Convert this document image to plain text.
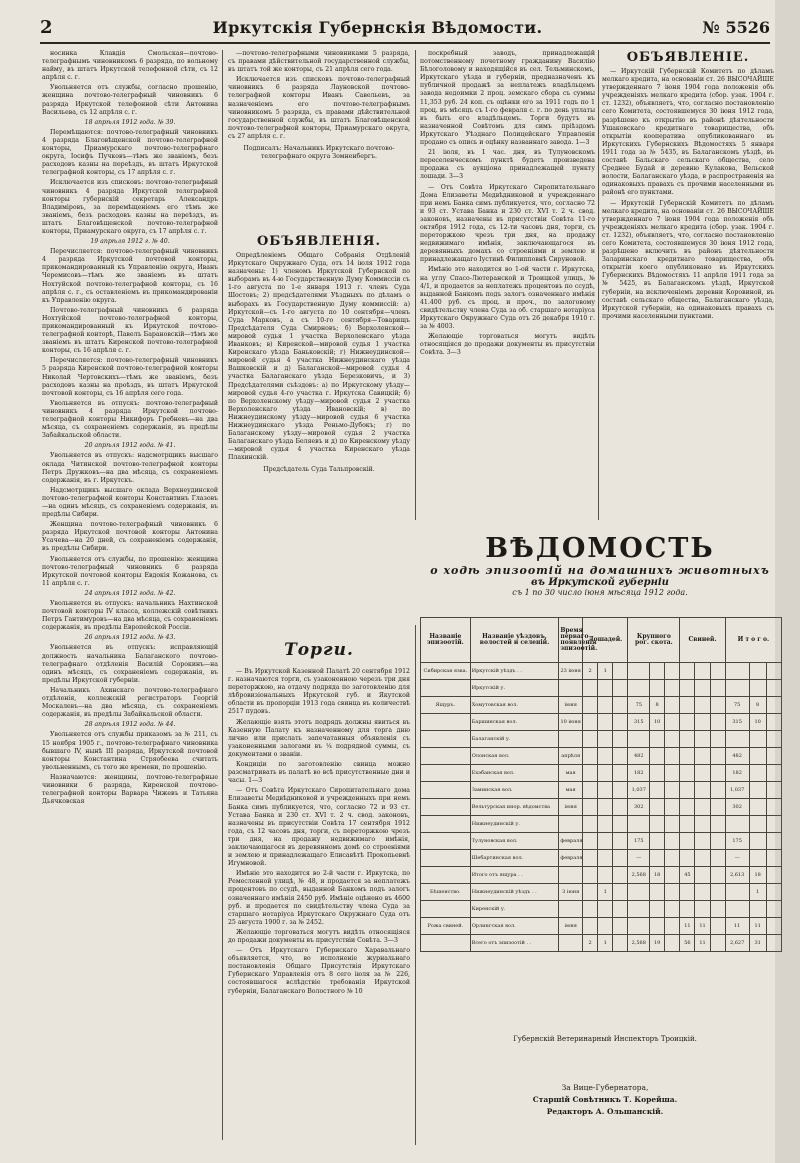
2	Иркутскія Губернскія Вѣдомости.	№ 5526

носинка Клавдія Смольская—почтово-телеграфнымъ чиновникомъ 6 разряда, по вольному найму, въ штатъ Иркутской телефонной сѣти, съ 12 апрѣля с. г.

Увольняется отъ службы, согласно прошенію, женщина почтово-телеграфный чиновникъ 6 разряда Иркутской телефонной сѣти Антонина Васильева, съ 12 апрѣля с. г.

18 апрѣля 1912 года. № 39.

Перемѣщаются: почтово-телеграфный чиновникъ 4 разряда Благовѣщенской почтово-телеграфной конторы, Приамурскаго почтово-телеграфнаго округа, Іосифъ Пучковъ—тѣмъ же званіемъ, безъ расходовъ казны на переѣздъ, въ штатъ Иркутской телеграфной конторы, съ 17 апрѣля с. г.

Исключается изъ списковъ: почтово-телеграфный чиновникъ 4 разряда Иркутской телеграфной конторы губернскій секретарь Александръ Владиміровъ, за перемѣщеніемъ его тѣмъ же званіемъ, безъ расходовъ казны на переѣздъ, въ штатъ Благовѣщенской почтово-телеграфной конторы, Приамурскаго округа, съ 17 апрѣля с. г.

19 апрѣля 1912 г. № 40.

Перечисляется: почтово-телеграфный чиновникъ 4 разряда Иркутской почтовой конторы, прикомандированный къ Управленію округа, Иванъ Черемисовъ—тѣмъ же званіемъ въ штатъ Нохтуйской почтово-телеграфной конторы, съ 16 апрѣля с. г., съ оставленіемъ въ прикомандированіи къ Управленію округа.

Почтово-телеграфный чиновникъ 6 разряда Нохтуйской почтово-телеграфной конторы, прикомандированный къ Иркутской почтово-телеграфной конторѣ, Павелъ Барановскій—тѣмъ же званіемъ въ штатъ Киренской почтово-телеграфной конторы, съ 16 апрѣля с. г.

Перечисляется: почтово-телеграфный чиновникъ 5 разряда Киренской почтово-телеграфной конторы Николай Чертовскихъ—тѣмъ же званіемъ, безъ расходовъ казны на проѣздъ, въ штатъ Иркутской почтовой конторы, съ 16 апрѣля сего года.

Увольняется въ отпускъ: почтово-телеграфный чиновникъ 4 разряда Иркутской почтово-телеграфной конторы Никифоръ Гребневъ—на два мѣсяца, съ сохраненіемъ содержанія, въ предѣлы Забайкальской области.

20 апрѣля 1912 года. № 41.

Увольняется въ отпускъ: надсмотрщикъ высшаго оклада Читинской почтово-телеграфной конторы Петръ Дружковъ—на два мѣсяца, съ сохраненіемъ содержанія, въ г. Иркутскъ.

Надсмотрщикъ высшаго оклада Верхнеудинской почтово-телеграфной конторы Константинъ Глазовъ—на одинъ мѣсяцъ, съ сохраненіемъ содержанія, въ предѣлы Сибири.

Женщина почтово-телеграфный чиновникъ 6 разряда Иркутской почтовой конторы Антонина Усачева—на 20 дней, съ сохраненіемъ содержанія, въ предѣлы Сибири.

Увольняется отъ службы, по прошенію: женщина почтово-телеграфный чиновникъ 6 разряда Иркутской почтовой конторы Евдокія Кожанова, съ 11 апрѣля с. г.

24 апрѣля 1912 года. № 42.

Увольняется въ отпускъ: начальникъ Нахтинской почтовой конторы IV класса, коллежскій совѣтникъ Петръ Гантимуровъ—на два мѣсяца, съ сохраненіемъ содержанія, въ предѣлы Европейской Россіи.

26 апрѣля 1912 года. № 43.

Увольняется въ отпускъ: исправляющій должность начальника Балаганского почтово-телеграфнаго отдѣленія Василій Сорокинъ—на одинъ мѣсяцъ, съ сохраненіемъ содержанія, въ предѣлы Иркутской губерніи.

Начальникъ Ахинскаго почтово-телеграфнаго отдѣленія, коллежскій регистраторъ Георгій Москалевъ—на два мѣсяца, съ сохраненіемъ содержанія, въ предѣлы Забайкальской области.

28 апрѣля 1912 года. № 44.

Увольняется отъ службы приказомъ за № 211, съ 15 ноября 1905 г., почтово-телеграфнаго чиновника бывшаго IV, нынѣ III разряда, Иркутской почтовой конторы Константина Стряобеева считать увольненнымъ, съ того же времени, по прошенію.

Назначаются: женщины, почтово-телеграфные чиновники 6 разряда, Киренской почтово-телеграфной конторы Варвара Чижевъ и Татьяна Дьячковская

—почтово-телеграфными чиновниками 5 разряда, съ правами дѣйствительной государственной службы, въ штатъ той же конторы, съ 21 апрѣля сего года.

Исключается изъ списковъ почтово-телеграфный чиновникъ 6 разряда Лауновской почтово-телеграфной конторы Иванъ Савельевъ, за назначеніемъ его почтово-телеграфнымъ чиновникомъ 5 разряда, съ правами дѣйствительной государственной службы, въ штатъ Благовѣщенской почтово-телеграфной конторы, Приамурскаго округа, съ 27 апрѣля с. г.

Подписалъ: Начальникъ Иркутскаго почтово-телеграфнаго округа Зомненбергъ.

ОБЪЯВЛЕНІЯ.

Опредѣленіемъ Общаго Собранія Отдѣленій Иркутскаго Окружнаго Суда, отъ 14 іюля 1912 года назначены: 1) членомъ Иркутской Губернской по выборамъ въ 4-ю Государственную Думу Коммиссіи съ 1-го августа по 1-е января 1913 г. членъ Суда Шостовъ; 2) предсѣдателями Уѣздныхъ по дѣламъ о выборахъ въ Государственную Думу коммиссій: а) Иркутской—съ 1-го августа по 10 сентября—членъ Суда Марковъ, а съ 10-го сентября—Товарищъ Предсѣдателя Суда Смирновъ; б) Верхоленской—мировой судья 1 участка Верхоленскаго уѣзда Иванковъ; в) Киренской—мировой судья 1 участка Киренскаго уѣзда Баньковскій; г) Нижнеудинской—мировой судья 4 участка Нижнеудинскаго уѣзда Вашковскій и д) Балаганской—мировой судья 4 участка Балаганскаго уѣзда Березковичъ, и 3) Предсѣдателями съѣздовъ: а) по Иркутскому уѣзду—мировой судья 4-го участка г. Иркутска Савицкій; б) по Верхоленскому уѣзду—мировой судья 2 участка Верхоленскаго уѣзда Ивановскій; в) по Нижнеудинскому уѣзду—мировой судья 6 участка Нижнеудинскаго уѣзда Реньмо-Дубокъ; г) по Балаганскому уѣзду—мировой судья 2 участка Балаганскаго уѣзда Беляевъ и д) по Киренскому уѣзду—мировой судья 4 участка Киренскаго уѣзда Плахинскій.

Предсѣдатель Суда Тальпровскій.

Торги.

— Въ Иркутской Казенной Палатѣ 20 сентября 1912 г. назначаются торги, съ узаконенною черезъ три дня переторжкою, на отдачу подряда по заготовленію для лѣбровизіональныхъ Иркутской губ. и Якутской области въ пропорціи 1913 года свинца въ количествѣ 2517 пудовъ.

Желающіе взять этотъ подрядъ должны явиться въ Казенную Палату къ назначенному для торга дню лично или прислать запечатанныя объявленія съ узаконенными залогами въ ¼ подрядной суммы, съ документами о званіи.

Кондиціи по заготовленію свинца можно разсматривать въ палатѣ во всѣ присутственные дни и часы. 1—3

— Отъ Совѣта Иркутскаго Сиропитательнаго дома Елизаветы Медвѣдниковой и учрежденныхъ при немъ Банка симъ публикуется, что, согласно 72 и 93 ст. Устава Банка и 230 ст. XVI т. 2 ч. свод. законовъ, назначены въ присутствіи Совѣта 17 сентября 1912 года, съ 12 часовъ дня, торги, съ переторжкою чрезъ три дня, на продажу недвижимаго имѣнія, заключающагося въ деревянномъ домѣ со строеніями и землею и принадлежащаго Елисавѣтѣ Прокопьевнѣ Игумновой.

Имѣніе это находится во 2-й части г. Иркутска, по Ремесленной улицѣ, № 48, и продается за неплатежъ процентовъ по ссудѣ, выданной Банкомъ подъ залогъ означеннаго имѣнія 2450 руб. Имѣніе оцѣнено въ 4600 руб. и продается по свидѣтельству члена Суда за старшаго нотаріуса Иркутскаго Окружнаго Суда отъ 25 августа 1900 г. за № 2452.

Желающіе торговаться могутъ видѣть относящіяся до продажи документы въ присутствіи Совѣта. 3—3

— Отъ Иркутскаго Губернскаго Харавальнаго объявляется, что, во исполненіе журнальнаго постановленія Общаго Присутствія Иркутскаго Губернскаго Управленія отъ 8 сего іюля за № 226, состоявшагося вслѣдствіе требованія Иркутской губерніи, Балаганскаго Волостного № 10

поскребный заводъ, принадлежащій потомственному почетному гражданину Василію Бѣлоголовому и находящійся въ сел. Тельминскомъ, Иркутскаго уѣзда и губерніи, предназначенъ къ публичной продажѣ за неплатежъ владѣльцемъ завода недоимки 2 проц. земскаго сбора съ суммы 11,353 руб. 24 коп. съ оцѣнки его за 1911 годъ по 1 проц. въ мѣсяцъ съ 1-го февраля с. г. по день уплаты въ быть его владѣльцемъ. Торги будутъ въ назначенной Совѣтомъ для симъ пріѣздомъ Иркутскаго Уѣзднаго Полицейскаго Управленія продано съ опись и оцѣнку названнаго завода. 1—3

21 іюля, въ 1 час. дня, въ Тулуновскомъ переселенческомъ пунктѣ будетъ произведена продажа съ аукціона принадлежащей пункту лошади. 3—3

— Отъ Совѣта Иркутскаго Сиропитательнаго Дома Елизаветы Медвѣдниковой и учрежденнаго при немъ Банка симъ публикуется, что, согласно 72 и 93 ст. Устава Банка и 230 ст. XVI т. 2 ч. свод. законовъ, назначены въ присутствіи Совѣта 11-го октября 1912 года, съ 12-ти часовъ дня, торги, съ переторжкою чрезъ три дня, на продажу недвижимаго имѣнія, заключающагося въ деревянныхъ домахъ со строеніями и землею и принадлежащаго Іустинѣ Филипповнѣ Сируновой.

Имѣніе это находится во 1-ой части г. Иркутска, на углу Спасо-Лютеранской и Троицкой улицъ, № 4/1, и продается за неплатежъ процентовъ по ссудѣ, выданной Банкомъ подъ залогъ означеннаго имѣнія 41.400 руб. съ проц. и проч., по залоговому свидѣтельству члена Суда за об. старшаго нотаріуса Иркутскаго Окружнаго Суда отъ 26 декабря 1910 г. за № 4003.

Желающіе торговаться могутъ видѣть относящіяся до продажи документы въ присутствіи Совѣта. 3—3

ОБЪЯВЛЕНІЕ.

— Иркутскій Губернскій Комитетъ по дѣламъ мелкаго кредита, на основаніи ст. 26 ВЫСОЧАЙШЕ утвержденнаго 7 іюня 1904 года положенія объ учрежденіяхъ мелкаго кредита (сбор. узак. 1904 г. ст. 1232), объявляетъ, что, согласно постановленію сего Комитета, состоявшемуся 30 іюня 1912 года, разрѣшено къ открытію въ районѣ дѣятельности Ушаковскаго кредитнаго товарищества, объ открытіи кооператива опубликованнаго въ Иркутскихъ Губернскихъ Вѣдомостяхъ 5 января 1911 года за № 5435, въ Балаганскомъ уѣздѣ, въ составѣ Бальскаго сельскаго общества, село Среднее Будай и деревню Кулакова, Вельской волости, Балаганскаго уѣзда, в распространенія на одинаковыхъ правахъ съ прочими населенными въ районѣ его пунктами.

— Иркутскій Губернскій Комитетъ по дѣламъ мелкаго кредита, на основаніи ст. 26 ВЫСОЧАЙШЕ утвержденнаго 7 іюня 1904 года положенія объ учрежденіяхъ мелкаго кредита (сбор. узак. 1904 г. ст. 1232), объявляетъ, что, согласно постановленію сего Комитета, состоявшемуся 30 іюня 1912 года, разрѣшено включить въ районъ дѣятельности Заларинскаго кредитнаго товарищества, объ открытіи коего опубликовано въ Иркутскихъ Губернскихъ Вѣдомостяхъ 11 апрѣля 1911 года за № 5425, въ Балаганскомъ уѣздѣ, Иркутской губерніи, на исключеніемъ деревни Коровиной, въ составѣ сельскаго общества, Балаганскаго уѣзда, Иркутской губерніи, на одинаковыхъ правахъ съ прочими населенными пунктами.

ВѢДОМОСТЬ
о ходѣ эпизоотій на домашнихъ животныхъ
въ Иркутской губерніи
съ 1 по 30 число іюня мѣсяца 1912 года.
Названіе эпизоотій.	Названіе уѣздовъ, волостей и селеній.	Время перваго появленія эпизоотій.	Лошадей.			Крупного рог. скота.			Свиней.			И т о г о.		
Сибирская язва.	Иркутскій уѣздъ . .	23 іюня	2	1										
	Иркутскій у.													
Ящуръ.	Хомутовская вол.	іюня				75	8					75	8	
	Баршинская вол.	10 іюня				315	10					315	10	
	Балаганскій у.													
	Олонская вол.	апрѣля				482						482		
	Ехэбанская вол.	мая				182						182		
	Заминская вол.	мая				1,037						1,037		
	Вельтурская инор. вѣдомства	іюня				302						302		
	Нижнеудинскій у.													
	Тулуновская вол.	февраля				175						175		
	Шебартинская вол.	февраля				—						—		
	Итого отъ ящура . .					2,568	18		45			2,613	18	
Бѣшенство.	Нижнеудинскій уѣздъ . .	3 іюня		1									1	
	Киренскій у.													
Рожа свиней.	Орлингская вол.	іюня							11	11		11	11	
	Всего отъ эпизоотій . .		2	1		2,568	19		56	11		2,627	31	
Губернскій Ветеринарный Инспекторъ Троицкій.
За Вице-Губернатора,
Старшій Совѣтникъ Т. Корейша.
Редакторъ А. Ольшанскій.
